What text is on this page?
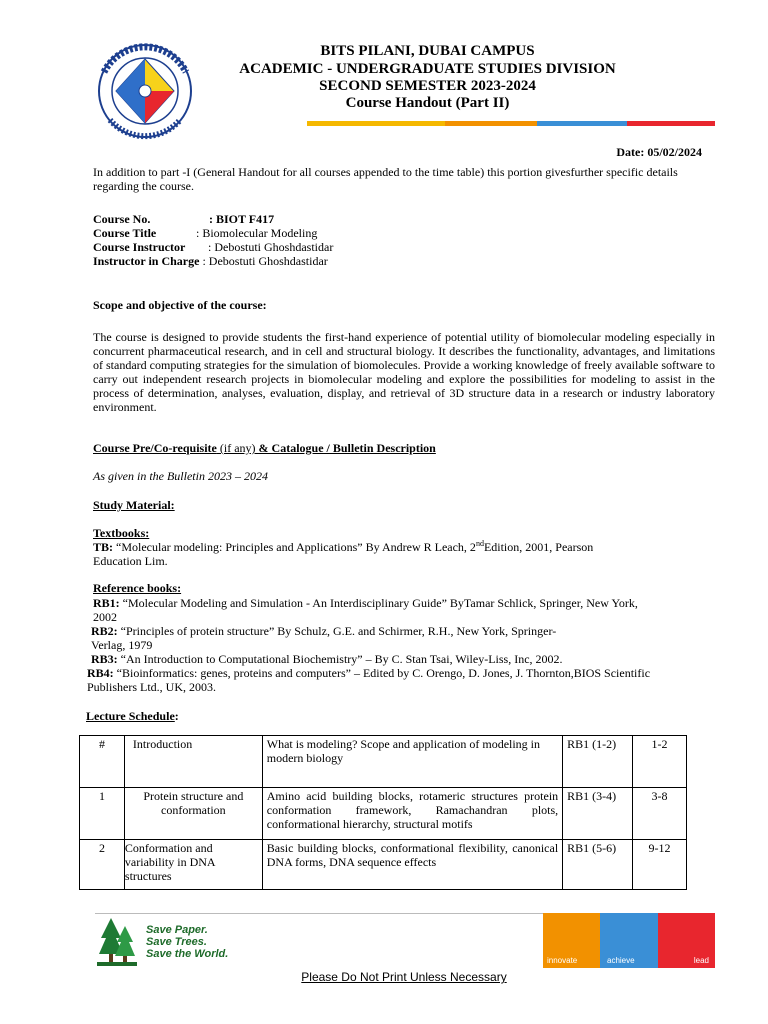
BITS PILANI, DUBAI CAMPUS
ACADEMIC - UNDERGRADUATE STUDIES DIVISION
SECOND SEMESTER 2023-2024
Course Handout (Part II)
Date: 05/02/2024
In addition to part -I (General Handout for all courses appended to the time table) this portion givesfurther specific details regarding the course.
Course No.	: BIOT F417
Course Title	: Biomolecular Modeling
Course Instructor : Debostuti Ghoshdastidar
Instructor in Charge : Debostuti Ghoshdastidar
Scope and objective of the course:
The course is designed to provide students the first-hand experience of potential utility of biomolecular modeling especially in concurrent pharmaceutical research, and in cell and structural biology. It describes the functionality, advantages, and limitations of standard computing strategies for the simulation of biomolecules. Provide a working knowledge of freely available software to carry out independent research projects in biomolecular modeling and explore the possibilities for modeling to assist in the process of determination, analyses, evaluation, display, and retrieval of 3D structure data in a research or industry laboratory environment.
Course Pre/Co-requisite (if any) & Catalogue / Bulletin Description
As given in the Bulletin 2023 – 2024
Study Material:
Textbooks:
TB: “Molecular modeling: Principles and Applications” By Andrew R Leach, 2ndEdition, 2001, Pearson
Education Lim.
Reference books:
RB1: “Molecular Modeling and Simulation - An Interdisciplinary Guide” ByTamar Schlick, Springer, New York,
2002
RB2: “Principles of protein structure” By Schulz, G.E. and Schirmer, R.H., New York, Springer-
Verlag, 1979
RB3: “An Introduction to Computational Biochemistry” – By C. Stan Tsai, Wiley-Liss, Inc, 2002.
RB4: “Bioinformatics: genes, proteins and computers” – Edited by C. Orengo, D. Jones, J. Thornton,BIOS Scientific
Publishers Ltd., UK, 2003.
Lecture Schedule:
#	Introduction	What is modeling? Scope and application of modeling in modern biology	RB1 (1-2)	1-2
1	Protein structure and conformation	Amino acid building blocks, rotameric structures protein conformation framework, Ramachandran plots, conformational hierarchy, structural motifs	RB1 (3-4)	3-8
2	Conformation and variability in DNA structures	Basic building blocks, conformational flexibility, canonical DNA forms, DNA sequence effects	RB1 (5-6)	9-12
Save Paper.
Save Trees.
Save the World.
innovate	achieve	lead
Please Do Not Print Unless Necessary
